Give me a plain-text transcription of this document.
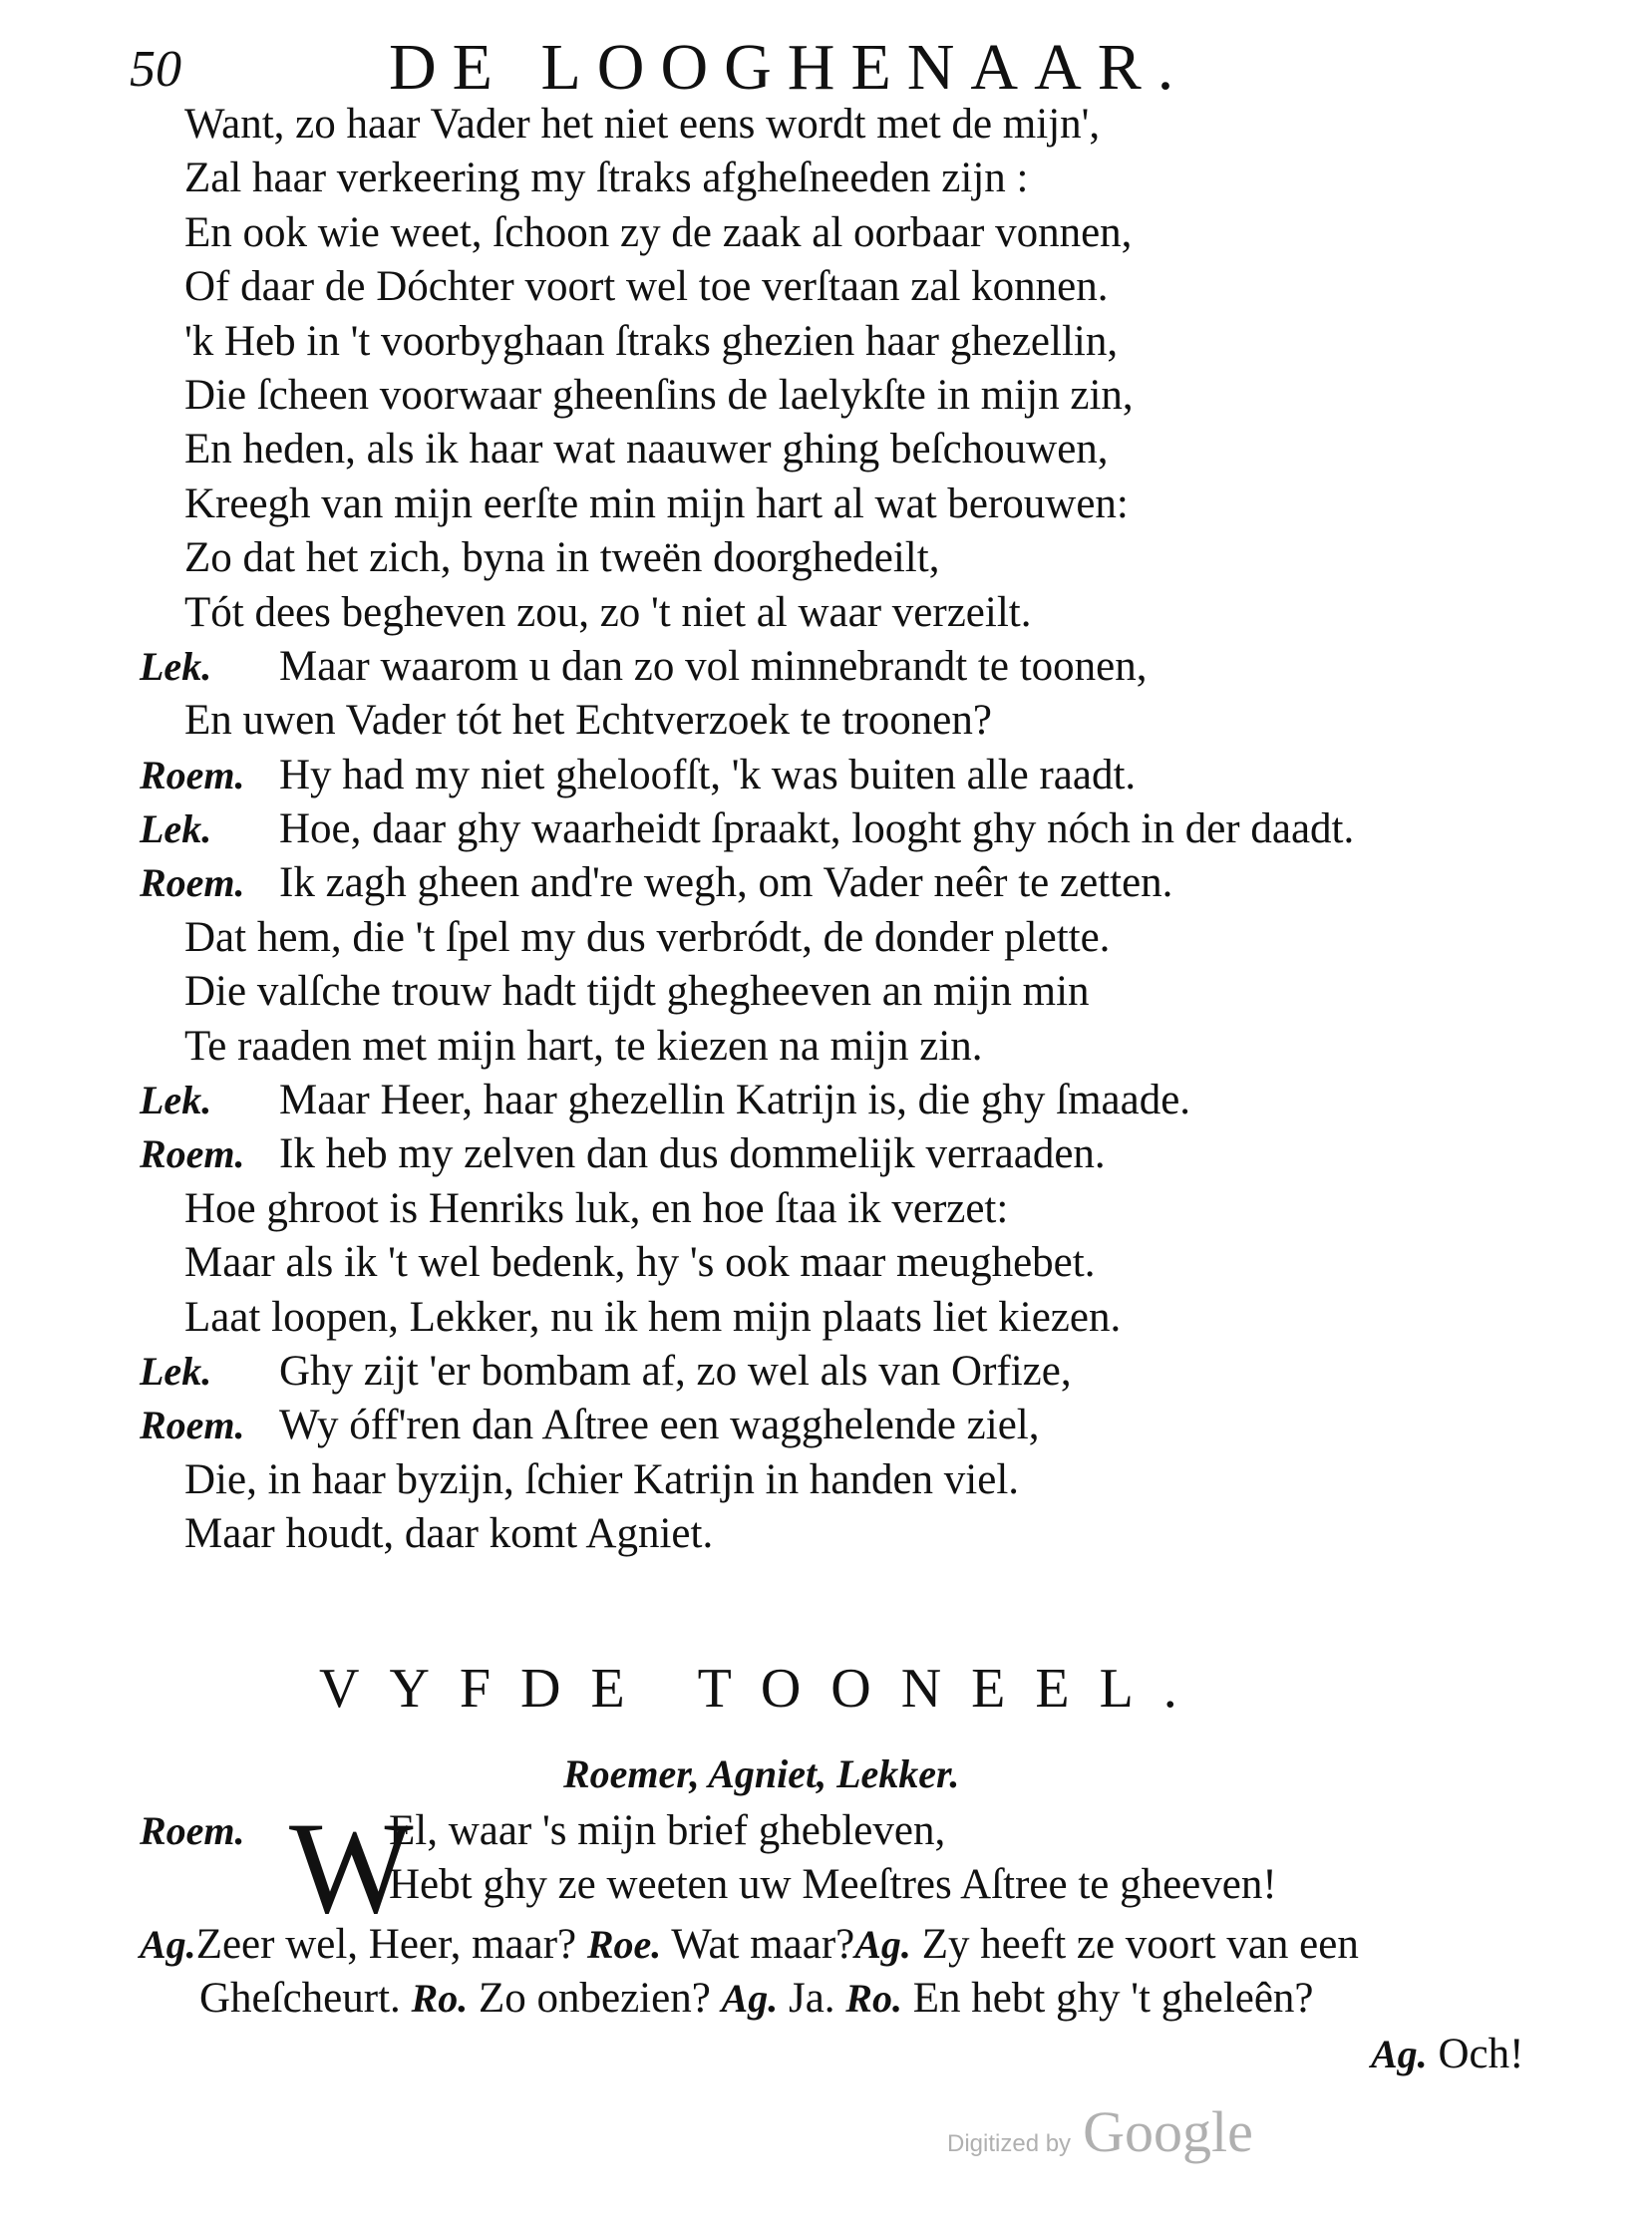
50	DE LOOGHENAAR.
Want, zo haar Vader het niet eens wordt met de mijn',
Zal haar verkeering my ſtraks afgheſneeden zijn :
En ook wie weet, ſchoon zy de zaak al oorbaar vonnen,
Of daar de Dóchter voort wel toe verſtaan zal konnen.
'k Heb in 't voorbyghaan ſtraks ghezien haar ghezellin,
Die ſcheen voorwaar gheenſins de laelykſte in mijn zin,
En heden, als ik haar wat naauwer ghing beſchouwen,
Kreegh van mijn eerſte min mijn hart al wat berouwen:
Zo dat het zich, byna in tweën doorghedeilt,
Tót dees begheven zou, zo 't niet al waar verzeilt.
Lek. Maar waarom u dan zo vol minnebrandt te toonen,
En uwen Vader tót het Echtverzoek te troonen?
Roem. Hy had my niet gheloofſt, 'k was buiten alle raadt.
Lek. Hoe, daar ghy waarheidt ſpraakt, looght ghy nóch in der daadt.
Roem. Ik zagh gheen and're wegh, om Vader neêr te zetten.
Dat hem, die 't ſpel my dus verbródt, de donder plette.
Die valſche trouw hadt tijdt ghegheeven an mijn min
Te raaden met mijn hart, te kiezen na mijn zin.
Lek. Maar Heer, haar ghezellin Katrijn is, die ghy ſmaade.
Roem. Ik heb my zelven dan dus dommelijk verraaden.
Hoe ghroot is Henriks luk, en hoe ſtaa ik verzet:
Maar als ik 't wel bedenk, hy 's ook maar meughebet.
Laat loopen, Lekker, nu ik hem mijn plaats liet kiezen.
Lek. Ghy zijt 'er bombam af, zo wel als van Orfize,
Roem. Wy óff'ren dan Aſtree een wagghelende ziel,
Die, in haar byzijn, ſchier Katrijn in handen viel.
Maar houdt, daar komt Agniet.
VYFDE TOONEEL.
Roemer, Agniet, Lekker.
Roem. W
El, waar 's mijn brief ghebleven,
Hebt ghy ze weeten uw Meeſtres Aſtree te gheeven!
Ag.Zeer wel, Heer, maar? Roe. Wat maar?Ag. Zy heeft ze voort van een
Gheſcheurt. Ro. Zo onbezien? Ag. Ja. Ro. En hebt ghy 't gheleên?
Ag. Och!
Digitized by Google
